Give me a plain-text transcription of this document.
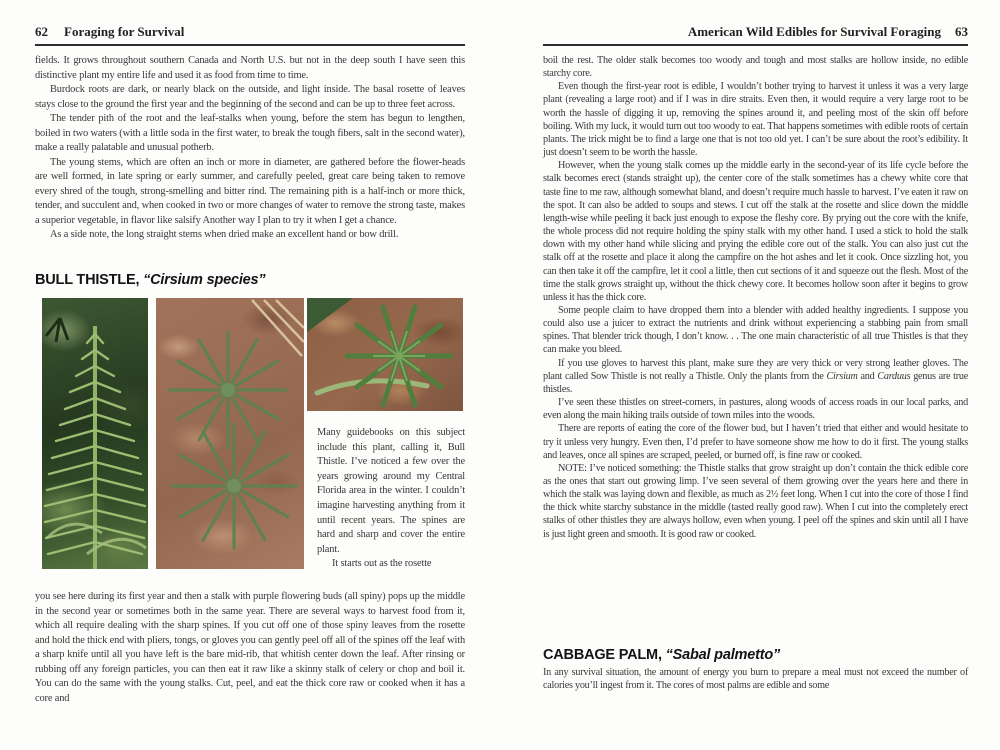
62 Foraging for Survival

fields. It grows throughout southern Canada and North U.S. but not in the deep south I have seen this distinctive plant my entire life and used it as food from time to time.

Burdock roots are dark, or nearly black on the outside, and light inside. The basal rosette of leaves stays close to the ground the first year and the beginning of the second and can be up to three feet across.

The tender pith of the root and the leaf-stalks when young, before the stem has begun to lengthen, boiled in two waters (with a little soda in the first water, to break the tough fibers, salt in the second water), make a really palatable and unusual potherb.

The young stems, which are often an inch or more in diameter, are gathered before the flower-heads are well formed, in late spring or early summer, and carefully peeled, great care being taken to remove every shred of the tough, strong-smelling and bitter rind. The remaining pith is a half-inch or more thick, tender, and succulent and, when cooked in two or more changes of water to remove the strong taste, makes a superior vegetable, in flavor like salsify Another way I plan to try it when I get a chance.

As a side note, the long straight stems when dried make an excellent hand or bow drill.

BULL THISTLE, “Cirsium species”

Many guidebooks on this subject include this plant, calling it, Bull Thistle. I’ve noticed a few over the years growing around my Central Florida area in the winter. I couldn’t imagine harvesting anything from it until recent years. The spines are hard and sharp and cover the entire plant.

It starts out as the rosette

you see here during its first year and then a stalk with purple flowering buds (all spiny) pops up the middle in the second year or sometimes both in the same year. There are several ways to harvest food from it, which all require dealing with the sharp spines. If you cut off one of those spiny leaves from the rosette and hold the thick end with pliers, tongs, or gloves you can gently peel off all of the spines off the leaf with a sharp knife until all you have left is the bare mid-rib, that whitish center down the leaf. After rinsing or rubbing off any foreign particles, you can then eat it raw like a skinny stalk of celery or chop and boil it. You can do the same with the young stalks. Cut, peel, and eat the thick core raw or cooked when it has a core and

American Wild Edibles for Survival Foraging 63

boil the rest. The older stalk becomes too woody and tough and most stalks are hollow inside, no edible starchy core.

Even though the first-year root is edible, I wouldn’t bother trying to harvest it unless it was a very large plant (revealing a large root) and if I was in dire straits. Even then, it would require a very large root to be worth the hassle of digging it up, removing the spines around it, and peeling most of the skin off before boiling. With my luck, it would turn out too woody to eat. That happens sometimes with edible roots of certain plants. The trick might be to find a large one that is not too old yet. I can’t be sure about the root’s edibility. It just doesn’t seem to be worth the hassle.

However, when the young stalk comes up the middle early in the second-year of its life cycle before the stalk becomes erect (stands straight up), the center core of the stalk sometimes has a chewy white core that taste fine to me raw, although somewhat bland, and doesn’t require much hassle to harvest. I’ve eaten it raw on the spot. It can also be added to soups and stews. I cut off the stalk at the rosette and slice down the middle length-wise while peeling it back just enough to expose the fleshy core. By prying out the core with the knife, the whole process did not require holding the spiny stalk with my other hand. I used a stick to hold the stalk down with my other hand while slicing and prying the edible core out of the stalk. You can also just cut the stalk off at the rosette and place it along the campfire on the hot ashes and let it cook. Once sizzling hot, you can then take it off the campfire, let it cool a little, then cut sections of it and squeeze out the flesh. Most of the time the stalk grows straight up, without the thick chewy core. It becomes hollow soon after it begins to grow unless it has the thick core.

Some people claim to have dropped them into a blender with added healthy ingredients. I suppose you could also use a juicer to extract the nutrients and drink without experiencing a stabbing pain from small spines. That blender trick though, I don’t know. . . The one main characteristic of all true Thistles is that they can make you bleed.

If you use gloves to harvest this plant, make sure they are very thick or very strong leather gloves. The plant called Sow Thistle is not really a Thistle. Only the plants from the Cirsium and Carduus genus are true thistles.

I’ve seen these thistles on street-corners, in pastures, along woods of access roads in our local parks, and even along the main hiking trails outside of town miles into the woods.

There are reports of eating the core of the flower bud, but I haven’t tried that either and would hesitate to try it unless very hungry. Even then, I’d prefer to have someone show me how to do it first. The young stalks and leaves, once all spines are scraped, peeled, or burned off, is fine raw or cooked.

NOTE: I’ve noticed something: the Thistle stalks that grow straight up don’t contain the thick edible core as the ones that start out growing limp. I’ve seen several of them growing over the years here and there in which the stalk was laying down and flexible, as much as 2½ feet long. When I cut into the core of those I find the thick white starchy substance in the middle (tasted really good raw). When I cut into the completely erect stalks of other thistles they are always hollow, even when young. I peel off the spines and skin until all I have is just light green and smooth. It is good raw or cooked.

CABBAGE PALM, “Sabal palmetto”

In any survival situation, the amount of energy you burn to prepare a meal must not exceed the number of calories you’ll ingest from it. The cores of most palms are edible and some
